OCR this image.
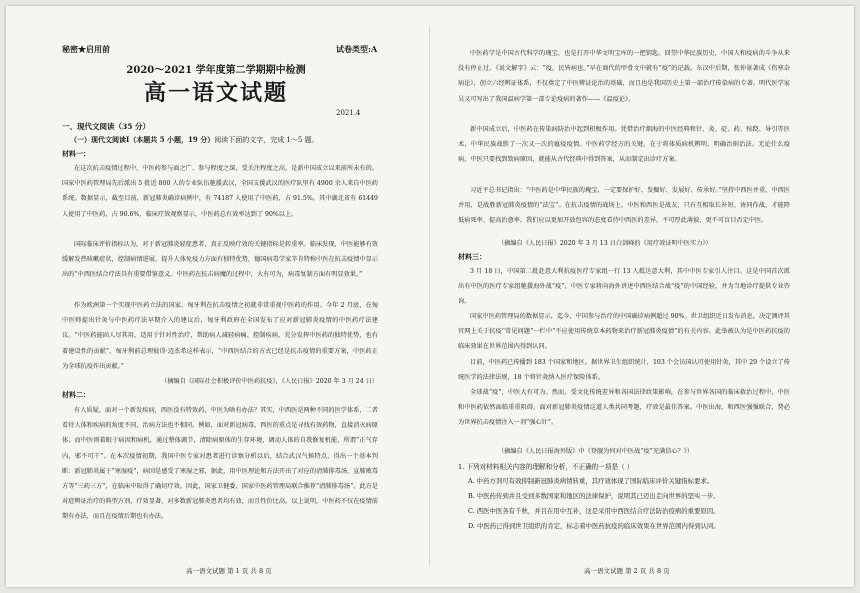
秘密★启用前	试卷类型:A
2020～2021 学年度第二学期期中检测
高一语文试题
2021.4
一、现代文阅读（35 分）
（一）现代文阅读Ⅰ（本题共 5 小题，19 分）阅读下面的文字，完成 1～5 题。
材料一：

在这次抗击疫情过程中，中医药参与面之广、参与程度之深、受关注程度之高，是新中国成立以来前所未有的。国家中医药管理局先后派出 5 批近 800 人的专业队伍驰援武汉，全国支援武汉的医疗队里有 4900 余人来自中医药系统。数据显示，截至目前，新冠肺炎确诊病例中，有 74187 人使用了中医药，占 91.5%，其中湖北省有 61449 人使用了中医药，占 90.6%，临床疗效观察显示，中医药总有效率达到了 90%以上。

国际临床评价指标认为，对于新冠肺炎轻症患者，真正反映疗效的关键指标是转重率。临床发现，中医能够有效缓解发热咳嗽症状，控制病情进展，提升人体免疫力方面有独特优势，德国病毒学家辛肯特称中医在抗击疫情中显示出的“中西医结合疗法具有重要借鉴意义。中医药在抗击病魔的过程中，大有可为，病毒复制方面有明显效果。”

作为欧洲第一个实现中医药立法的国家，匈牙利在抗击疫情之初就非常重视中医药的作用。今年 2 月底，在匈中医师提出针灸与中医药疗法早期介入的建议后，匈牙利政府在全国发布了应对新冠肺炎疫情的中医药疗法建议。“中医药能固人尽其用，适用于针对性治疗，帮助病人减轻病痛、控制疾病，充分发挥中医药的独特优势，也有着建设性的贡献”，匈牙利前总理彼得·迈杰希这样表示，“中西医结合的方式已经是抗击疫情的重要方案，中医药正为全球抗疫作出贡献。”

（摘编自《国际社会积极评价中医药抗疫》，《人民日报》2020 年 3 月 24 日）

材料二：

有人质疑，面对一个新发疾病，西医没有特效药，中医为啥有办法？其实，中西医是两种不同的医学体系，二者看待人体和疾病的角度不同，治病方法也不相同。例如，面对新冠病毒，西医的重点是寻找有效药物，直接消灭病原体；而中医则着眼于病因和病机，通过整体调节，清除病原体的生存环境，调动人体的自我修复机能，所谓“正气存内，邪不可干”。在本次疫情初期，我国中医专家对患者进行诊察分析以后，结合武汉气候特点，得出一个基本判断：新冠肺炎属于“寒湿疫”，病因是感受了寒湿之邪，据此，用中医理论和方法开出了对应的清肺排毒汤、宣肺败毒方等“三药三方”，在临床中取得了确切疗效。因此，国家卫健委、国家中医药管理局联合推荐“清肺排毒汤”。此方是对症辨证治疗的典型方剂，疗效显著，对多数新冠肺炎患者均有效，而且性价比高。以上说明，中医药不仅在疫情前期有办法，而且在疫情后期也有办法。

高一语文试题 第 1 页 共 8 页

中医药学是中国古代科学的瑰宝，也是打开中华文明宝库的一把钥匙。回望中华民族历史，中国人和疫病的斗争从来没有停止过。《说文解字》云：“疫，民皆病也。”早在商代的甲骨文中就有“疫”的记载。东汉中后期，张仲景著成《伤寒杂病论》，创立六经辨证体系，不仅奠定了中医辨证论治的基础，而且也是我国历史上第一部治疗传染病的专著。明代医学家吴又可写出了我国温病学第一部专论疫病的著作——《温疫论》。

新中国成立后，中医药在传染病防治中起到积极作用。凭借治疗烟海的中医经典和针、灸、砭、药、按跷、导引等医术，中华民族战胜了一次又一次的瘟疫疫情。中医药学经方的关键，在于将体质病机辨明，明确治则治法。无论什么疫病，中医只要找到致病原因，就能从古代经典中得到答案，从而制定出诊疗方案。

习近平总书记指出：“中医药是中华民族的瑰宝，一定要保护好、发掘好、发展好、传承好。”坚持中西医并重，中西医并用，是战胜新冠肺炎疫情的“法宝”。在抗击疫情的战场上，中医和西医是战友，只有互相取长补短、协同作战，才能降低病死率、提高治愈率。我们应以更加开放包容的态度看待中西医的差异，不可厚此薄彼，更不可盲目否定中医。

（摘编自《人民日报》2020 年 3 月 13 日白剑峰的《用疗效证明中医实力》）

材料三：

3 月 18 日，中国第二批赴意大利抗疫医疗专家组一行 13 人抵达意大利，其中中医专家引人注目。这是中国首次派出有中医的医疗专家组驰援海外战“疫”，中医专家将向海外讲述中西医结合战“疫”的中国经验，并为当地诊疗提供专业咨询。

国家中医药管理局的数据显示，迄今，中国参与治疗的中国确诊病例超过 90%。世卫组织近日发布消息，决定测评其官网上关于抗疫“常见问题”一栏中“不应使用传统草本药物来治疗新冠肺炎疫情”的有关内容。此举被认为是中医药抗疫的临床效果在世界范围内得到认同。

目前，中医药已传播到 183 个国家和地区。据世界卫生组织统计，103 个会员国认可使用针灸，其中 29 个设立了传统医学的法律法规，18 个将针灸纳入医疗保险体系。

全球战“疫”，中医大有可为。然而，受文化传统差异和各国法律政策影响，在参与世界各国的临床救治过程中，中医和中医药依然面临重重阻碍。面对新冠肺炎疫情这道人类共同考题，疗效是最佳答案。中医出海，和西医强强联合，势必为世界抗击疫情注入一剂“强心针”。

（摘编自《人民日报海外版》中《登舰为何对中医战“疫”充满信心？》）

1. 下列对材料相关内容的理解和分析，不正确的一项是（ ）
A. 中药方剂可有效抑制新冠肺炎病情转重，其疗效体现了国际临床评价关键指标要求。
B. 中医药传到并且受到多数国家和地区的法律保护，说明其已迈出走向世界的坚实一步。
C. 西医中医各有千秋，并且在用中互补，这是采用中西医结合疗法防治疫病的重要原因。
D. 中医药已得到世卫组织的肯定，标志着中医药抗疫的临床效果在世界范围内得到认同。
高一语文试题 第 2 页 共 8 页
